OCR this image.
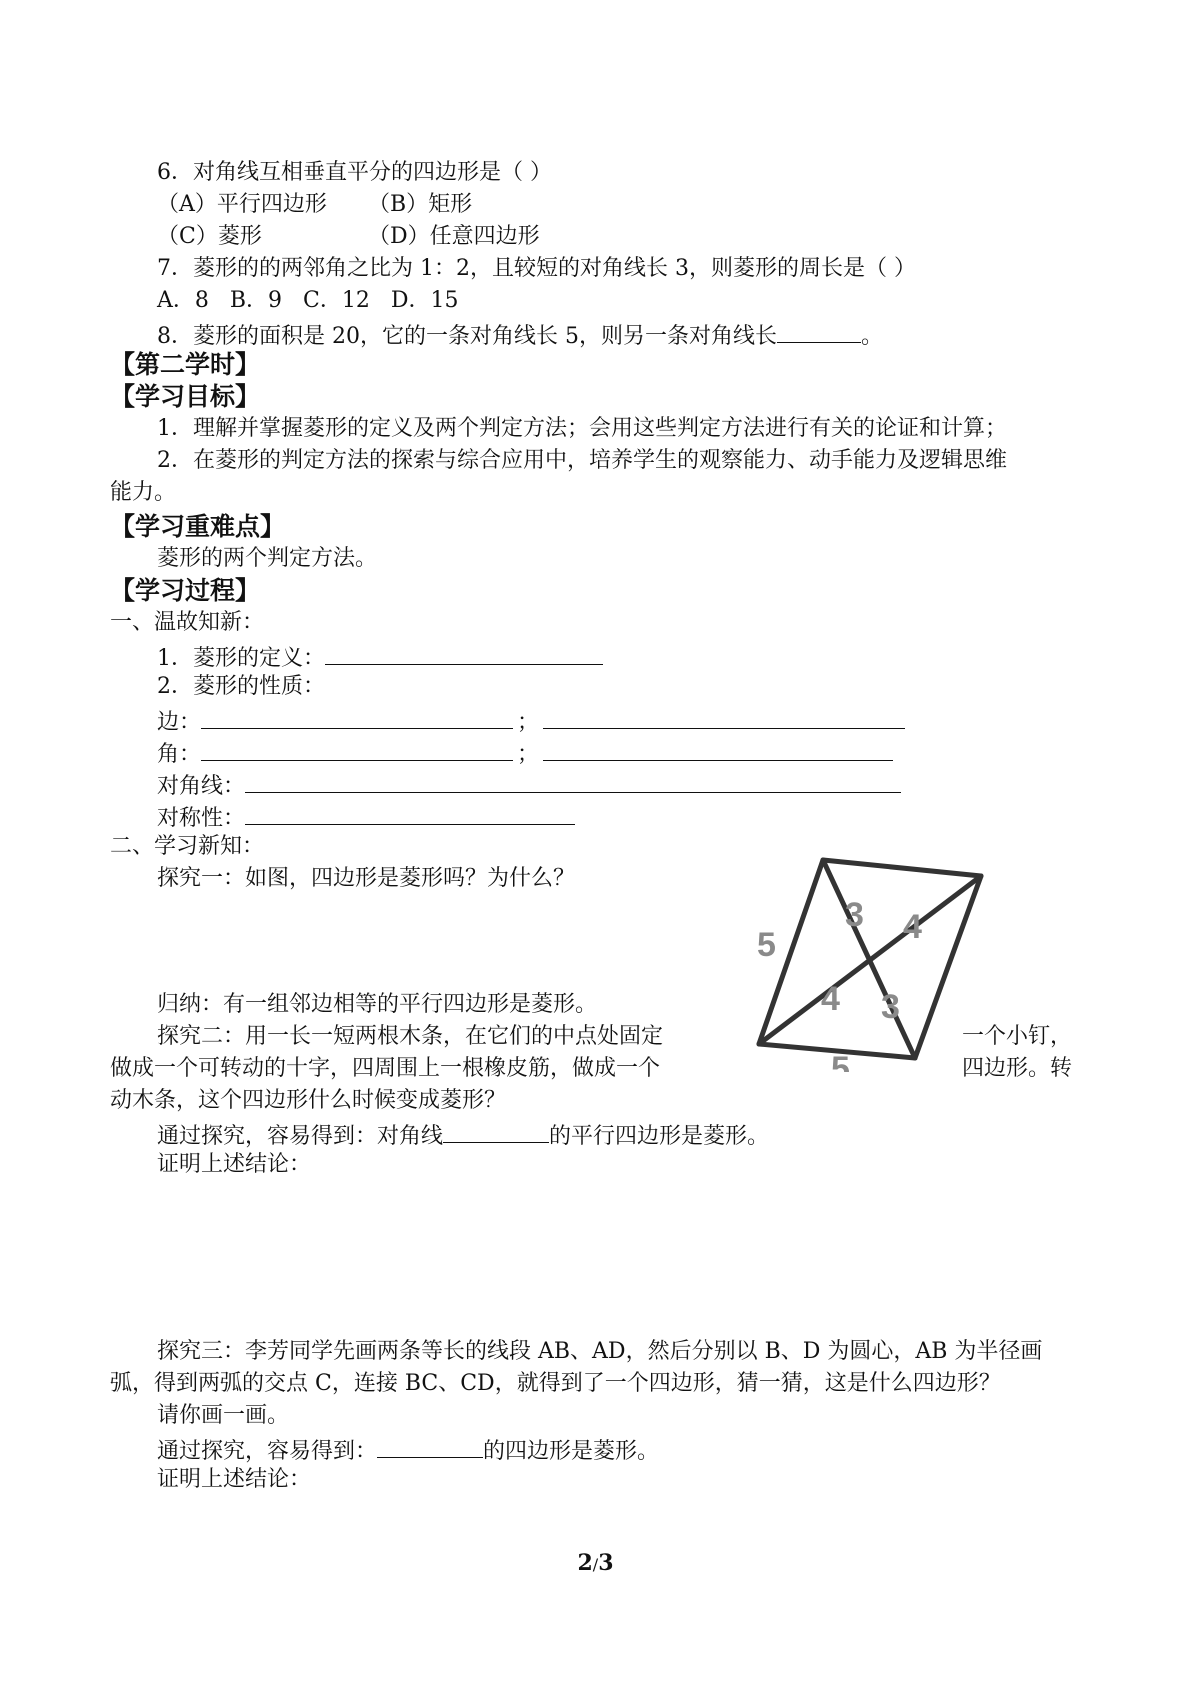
6．对角线互相垂直平分的四边形是（ ）
（A）平行四边形 （B）矩形
（C）菱形	（D）任意四边形
7．菱形的的两邻角之比为 1：2，且较短的对角线长 3，则菱形的周长是（ ）
A．8 B．9 C．12 D．15
8．菱形的面积是 20，它的一条对角线长 5，则另一条对角线长	。
【第二学时】
【学习目标】
1．理解并掌握菱形的定义及两个判定方法；会用这些判定方法进行有关的论证和计算；
2．在菱形的判定方法的探索与综合应用中，培养学生的观察能力、动手能力及逻辑思维
能力。
【学习重难点】
菱形的两个判定方法。
【学习过程】
一、温故知新：
1．菱形的定义：
2．菱形的性质：
边：	；
角：	；
对角线：
对称性：
二、学习新知：
探究一：如图，四边形是菱形吗？为什么？
归纳：有一组邻边相等的平行四边形是菱形。
探究二：用一长一短两根木条，在它们的中点处固定	一个小钉，
做成一个可转动的十字，四周围上一根橡皮筋，做成一个	四边形。转
动木条，这个四边形什么时候变成菱形？
通过探究，容易得到：对角线	的平行四边形是菱形。
证明上述结论：
探究三：李芳同学先画两条等长的线段 AB、AD，然后分别以 B、D 为圆心，AB 为半径画
弧，得到两弧的交点 C，连接 BC、CD，就得到了一个四边形，猜一猜，这是什么四边形？
请你画一画。
通过探究，容易得到：	的四边形是菱形。
证明上述结论：
5
3 4
4 3
5
2/3
